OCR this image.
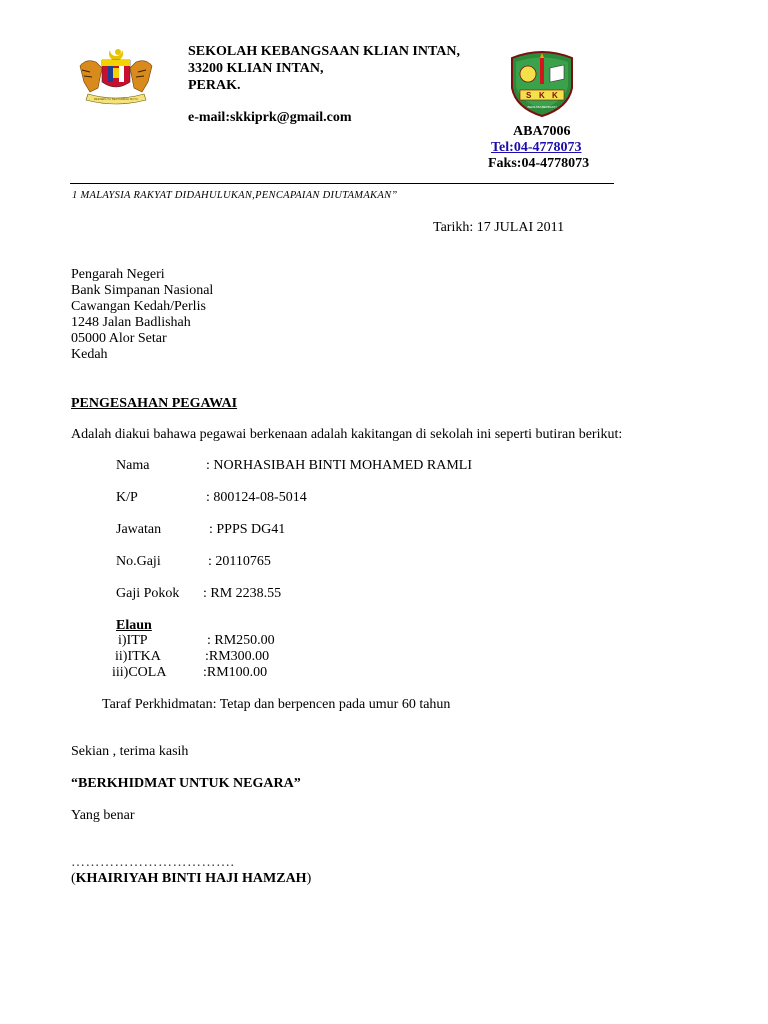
BERSEKUTU BERTAMBAH MUTU	S K K
BERILMU BERBAKTI
SEKOLAH KEBANGSAAN KLIAN INTAN,
33200 KLIAN INTAN,
PERAK.
e-mail:skkiprk@gmail.com
ABA7006
Tel:04-4778073
Faks:04-4778073
1 MALAYSIA RAKYAT DIDAHULUKAN,PENCAPAIAN DIUTAMAKAN”
Tarikh: 17 JULAI 2011
Pengarah Negeri
Bank Simpanan Nasional
Cawangan Kedah/Perlis
1248 Jalan Badlishah
05000 Alor Setar
Kedah
PENGESAHAN PEGAWAI
Adalah diakui bahawa pegawai berkenaan adalah kakitangan di sekolah ini seperti butiran berikut:
Nama	: NORHASIBAH BINTI MOHAMED RAMLI
K/P	: 800124-08-5014
Jawatan	: PPPS DG41
No.Gaji	: 20110765
Gaji Pokok : RM 2238.55
Elaun
i)ITP	: RM250.00
ii)ITKA	:RM300.00
iii)COLA	:RM100.00
Taraf Perkhidmatan: Tetap dan berpencen pada umur 60 tahun
Sekian , terima kasih
“BERKHIDMAT UNTUK NEGARA”
Yang benar
…………………………….
(KHAIRIYAH BINTI HAJI HAMZAH)
